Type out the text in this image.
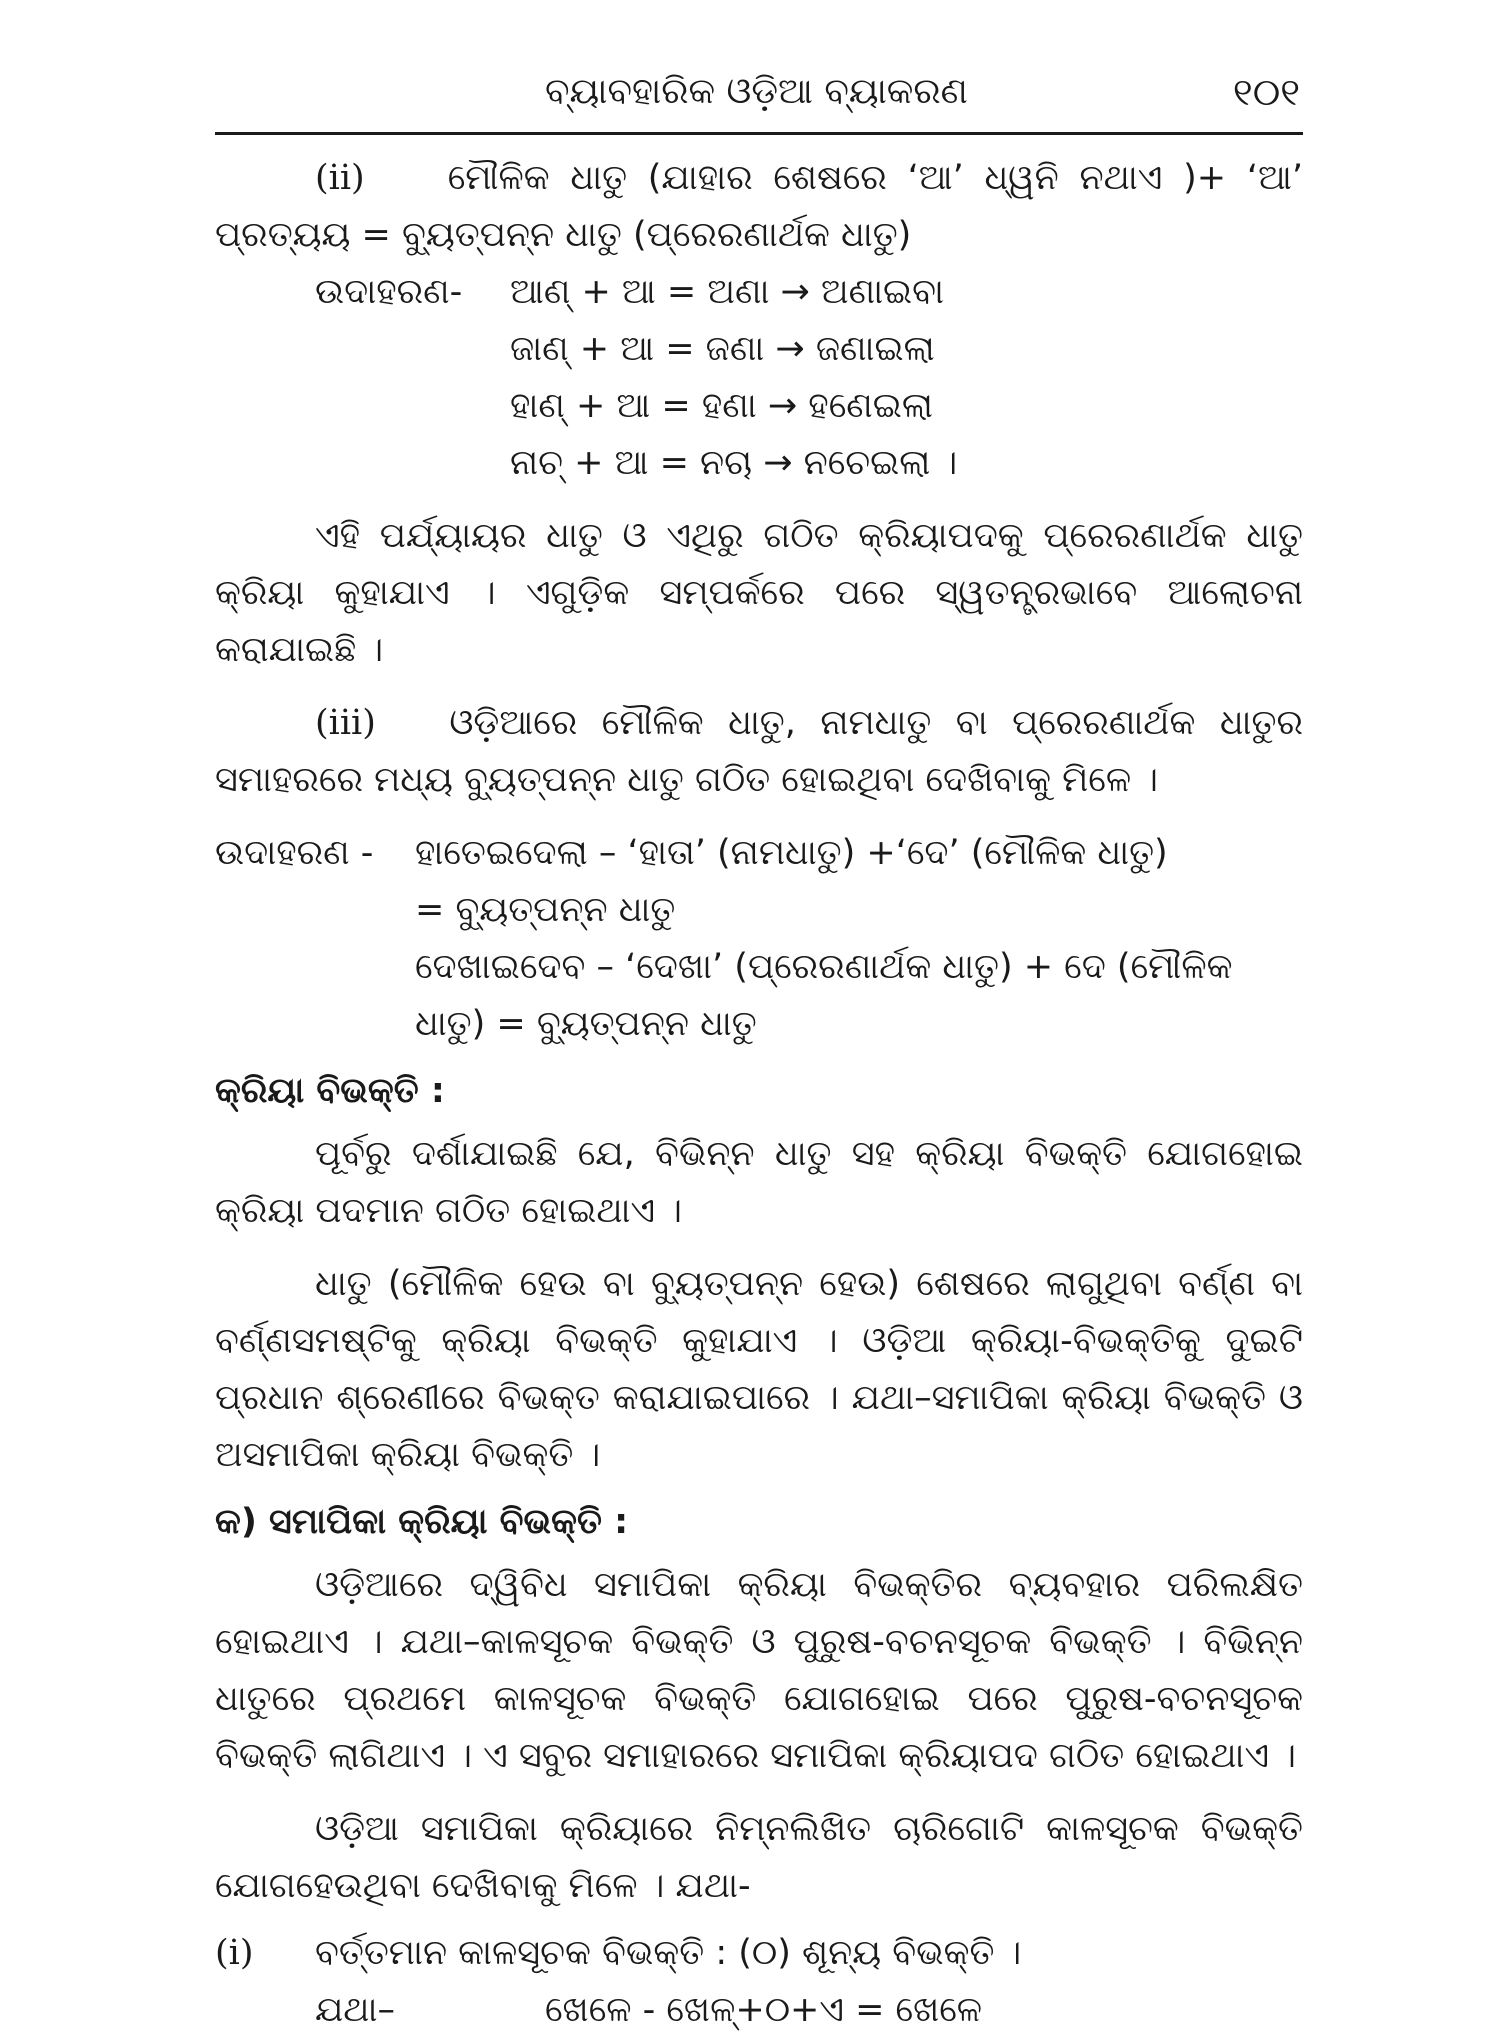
ବ୍ୟାବହାରିକ ଓଡ଼ିଆ ବ୍ୟାକରଣ	୧୦୧

(ii) ମୌଳିକ ଧାତୁ (ଯାହାର ଶେଷରେ ‘ଆ’ ଧ୍ୱନି ନଥାଏ )+ ‘ଆ’ ପ୍ରତ୍ୟୟ = ବ୍ୟୁତ୍ପନ୍ନ ଧାତୁ (ପ୍ରେରଣାର୍ଥକ ଧାତୁ)

ଉଦାହରଣ-	ଆଣ୍ + ଆ = ଅଣା → ଅଣାଇବା
ଜାଣ୍ + ଆ = ଜଣା → ଜଣାଇଲା
ହାଣ୍ + ଆ = ହଣା → ହଣେଇଲା
ନାଚ୍ + ଆ = ନଚା → ନଚେଇଲା ।

ଏହି ପର୍ଯ୍ୟାୟର ଧାତୁ ଓ ଏଥିରୁ ଗଠିତ କ୍ରିୟାପଦକୁ ପ୍ରେରଣାର୍ଥକ ଧାତୁ କ୍ରିୟା କୁହାଯାଏ । ଏଗୁଡ଼ିକ ସମ୍ପର୍କରେ ପରେ ସ୍ୱତନ୍ତ୍ରଭାବେ ଆଲୋଚନା କରାଯାଇଛି ।

(iii) ଓଡ଼ିଆରେ ମୌଳିକ ଧାତୁ, ନାମଧାତୁ ବା ପ୍ରେରଣାର୍ଥକ ଧାତୁର ସମାହରରେ ମଧ୍ୟ ବ୍ୟୁତ୍ପନ୍ନ ଧାତୁ ଗଠିତ ହୋଇଥିବା ଦେଖିବାକୁ ମିଳେ ।

ଉଦାହରଣ -	ହାତେଇଦେଲା – ‘ହାତା’ (ନାମଧାତୁ) +‘ଦେ’ (ମୌଳିକ ଧାତୁ)
= ବ୍ୟୁତ୍ପନ୍ନ ଧାତୁ
ଦେଖାଇଦେବ – ‘ଦେଖା’ (ପ୍ରେରଣାର୍ଥକ ଧାତୁ) + ଦେ (ମୌଳିକ
ଧାତୁ) = ବ୍ୟୁତ୍ପନ୍ନ ଧାତୁ
କ୍ରିୟା ବିଭକ୍ତି :

ପୂର୍ବରୁ ଦର୍ଶାଯାଇଛି ଯେ, ବିଭିନ୍ନ ଧାତୁ ସହ କ୍ରିୟା ବିଭକ୍ତି ଯୋଗହୋଇ କ୍ରିୟା ପଦମାନ ଗଠିତ ହୋଇଥାଏ ।

ଧାତୁ (ମୌଳିକ ହେଉ ବା ବ୍ୟୁତ୍ପନ୍ନ ହେଉ) ଶେଷରେ ଲାଗୁଥିବା ବର୍ଣ୍ଣ ବା ବର୍ଣ୍ଣସମଷ୍ଟିକୁ କ୍ରିୟା ବିଭକ୍ତି କୁହାଯାଏ । ଓଡ଼ିଆ କ୍ରିୟା-ବିଭକ୍ତିକୁ ଦୁଇଟି ପ୍ରଧାନ ଶ୍ରେଣୀରେ ବିଭକ୍ତ କରାଯାଇପାରେ । ଯଥା–ସମାପିକା କ୍ରିୟା ବିଭକ୍ତି ଓ ଅସମାପିକା କ୍ରିୟା ବିଭକ୍ତି ।

କ) ସମାପିକା କ୍ରିୟା ବିଭକ୍ତି :

ଓଡ଼ିଆରେ ଦ୍ୱିବିଧ ସମାପିକା କ୍ରିୟା ବିଭକ୍ତିର ବ୍ୟବହାର ପରିଲକ୍ଷିତ ହୋଇଥାଏ । ଯଥା–କାଳସୂଚକ ବିଭକ୍ତି ଓ ପୁରୁଷ-ବଚନସୂଚକ ବିଭକ୍ତି । ବିଭିନ୍ନ ଧାତୁରେ ପ୍ରଥମେ କାଳସୂଚକ ବିଭକ୍ତି ଯୋଗହୋଇ ପରେ ପୁରୁଷ-ବଚନସୂଚକ ବିଭକ୍ତି ଲାଗିଥାଏ । ଏ ସବୁର ସମାହାରରେ ସମାପିକା କ୍ରିୟାପଦ ଗଠିତ ହୋଇଥାଏ ।

ଓଡ଼ିଆ ସମାପିକା କ୍ରିୟାରେ ନିମ୍ନଲିଖିତ ଚାରିଗୋଟି କାଳସୂଚକ ବିଭକ୍ତି ଯୋଗହେଉଥିବା ଦେଖିବାକୁ ମିଳେ । ଯଥା-

(i)	ବର୍ତ୍ତମାନ କାଳସୂଚକ ବିଭକ୍ତି : (୦) ଶୂନ୍ୟ ବିଭକ୍ତି ।
ଯଥା–	ଖେଳେ - ଖେଳ୍+୦+ଏ = ଖେଳେ
